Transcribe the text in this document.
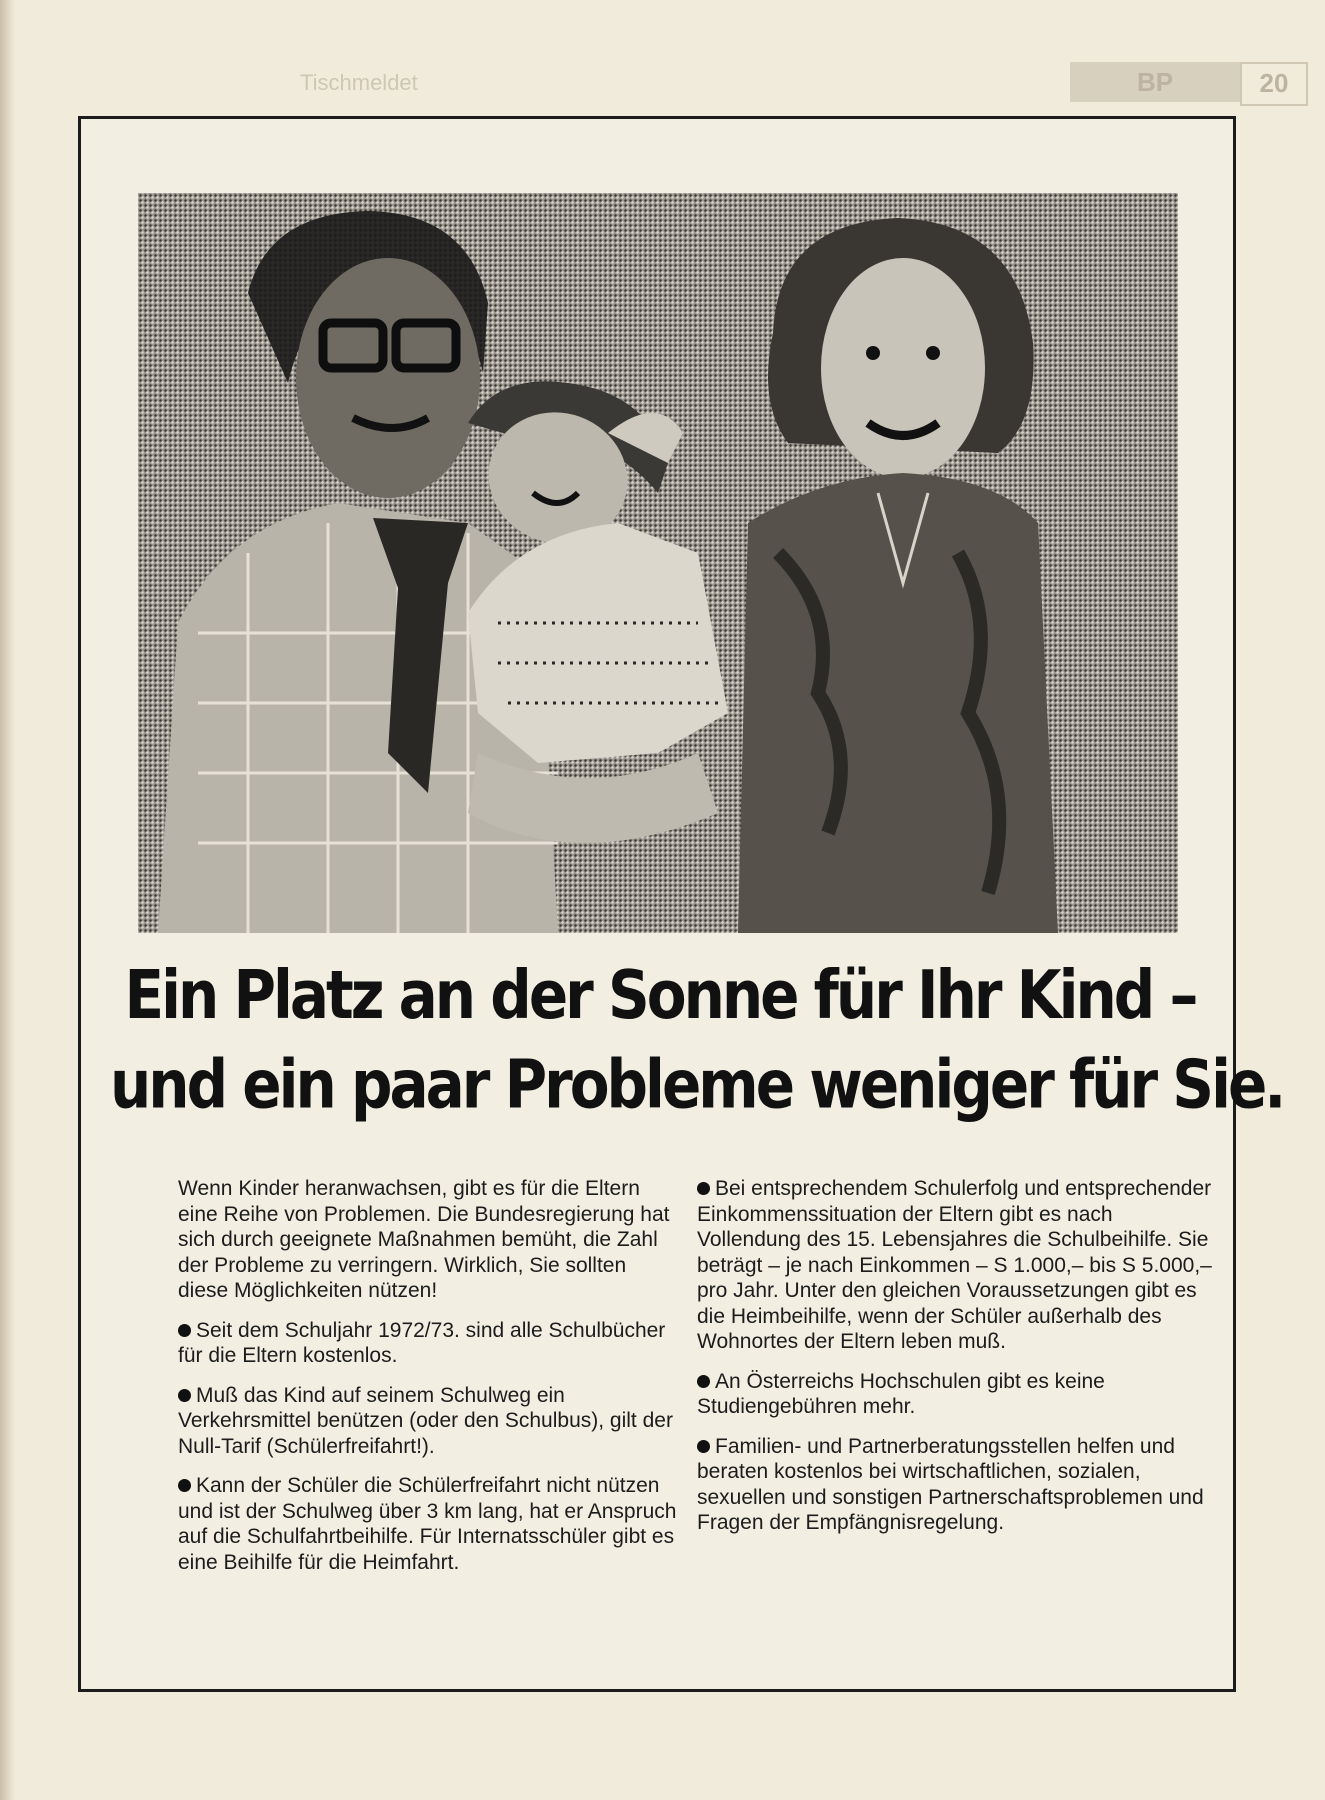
Tischmeldet	BP	20
Ein Platz an der Sonne für Ihr Kind –
und ein paar Probleme weniger für Sie.

Wenn Kinder heranwachsen, gibt es für die Eltern eine Reihe von Problemen. Die Bundesregierung hat sich durch geeignete Maßnahmen bemüht, die Zahl der Probleme zu verringern. Wirklich, Sie sollten diese Möglichkeiten nützen!

Seit dem Schuljahr 1972/73. sind alle Schulbücher für die Eltern kostenlos.

Muß das Kind auf seinem Schulweg ein Verkehrsmittel benützen (oder den Schulbus), gilt der Null-Tarif (Schülerfreifahrt!).

Kann der Schüler die Schülerfreifahrt nicht nützen und ist der Schulweg über 3 km lang, hat er Anspruch auf die Schulfahrtbeihilfe. Für Internatsschüler gibt es eine Beihilfe für die Heimfahrt.

Bei entsprechendem Schulerfolg und entsprechender Einkommenssituation der Eltern gibt es nach Vollendung des 15. Lebensjahres die Schulbeihilfe. Sie beträgt – je nach Einkommen – S 1.000,– bis S 5.000,– pro Jahr. Unter den gleichen Voraussetzungen gibt es die Heimbeihilfe, wenn der Schüler außerhalb des Wohnortes der Eltern leben muß.

An Österreichs Hochschulen gibt es keine Studiengebühren mehr.

Familien- und Partnerberatungsstellen helfen und beraten kostenlos bei wirtschaftlichen, sozialen, sexuellen und sonstigen Partnerschaftsproblemen und Fragen der Empfängnisregelung.
